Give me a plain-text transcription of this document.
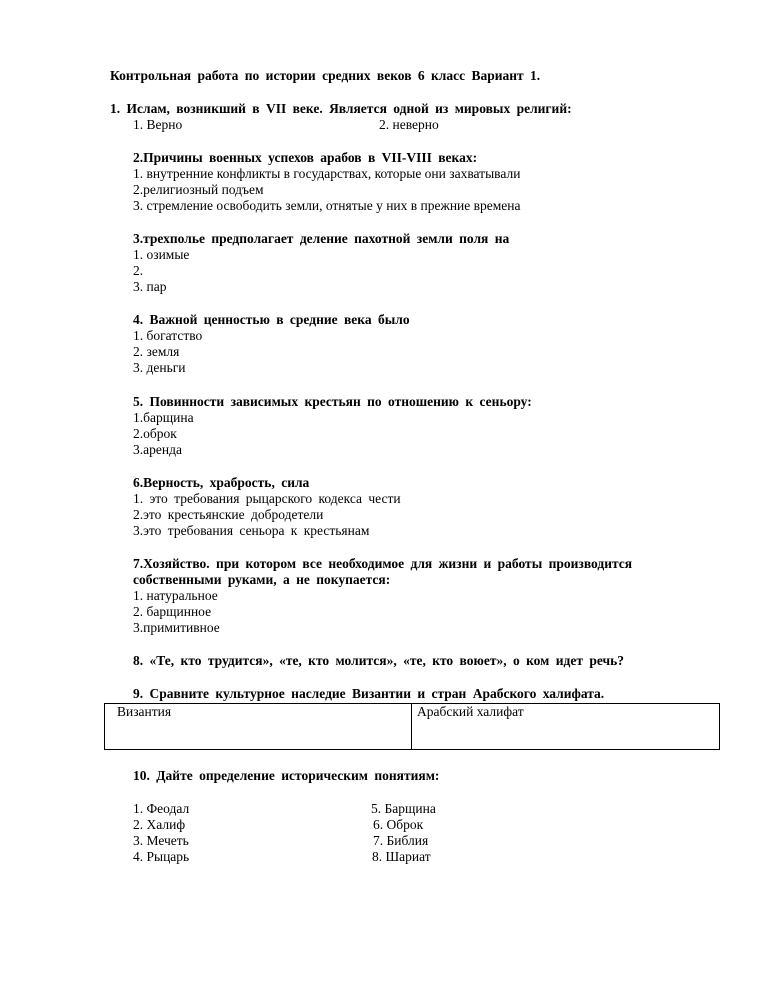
Контрольная работа по истории средних веков 6 класс Вариант 1.
1. Ислам, возникший в VII веке. Является одной из мировых религий:
1. Верно	2. неверно
2.Причины военных успехов арабов в VII-VIII веках:
1. внутренние конфликты в государствах, которые они захватывали
2.религиозный подъем
3. стремление освободить земли, отнятые у них в прежние времена
3.трехполье предполагает деление пахотной земли поля на
1. озимые
2.
3. пар
4. Важной ценностью в средние века было
1. богатство
2. земля
3. деньги
5. Повинности зависимых крестьян по отношению к сеньору:
1.барщина
2.оброк
3.аренда
6.Верность, храбрость, сила
1. это требования рыцарского кодекса чести
2.это крестьянские добродетели
3.это требования сеньора к крестьянам
7.Хозяйство. при котором все необходимое для жизни и работы производится
собственными руками, а не покупается:
1. натуральное
2. барщинное
3.примитивное
8. «Те, кто трудится», «те, кто молится», «те, кто воюет», о ком идет речь?
9. Сравните культурное наследие Византии и стран Арабского халифата.
Византия	Арабский халифат
10. Дайте определение историческим понятиям:
1. Феодал
2. Халиф
3. Мечеть
4. Рыцарь
5. Барщина
6. Оброк
7. Библия
8. Шариат
